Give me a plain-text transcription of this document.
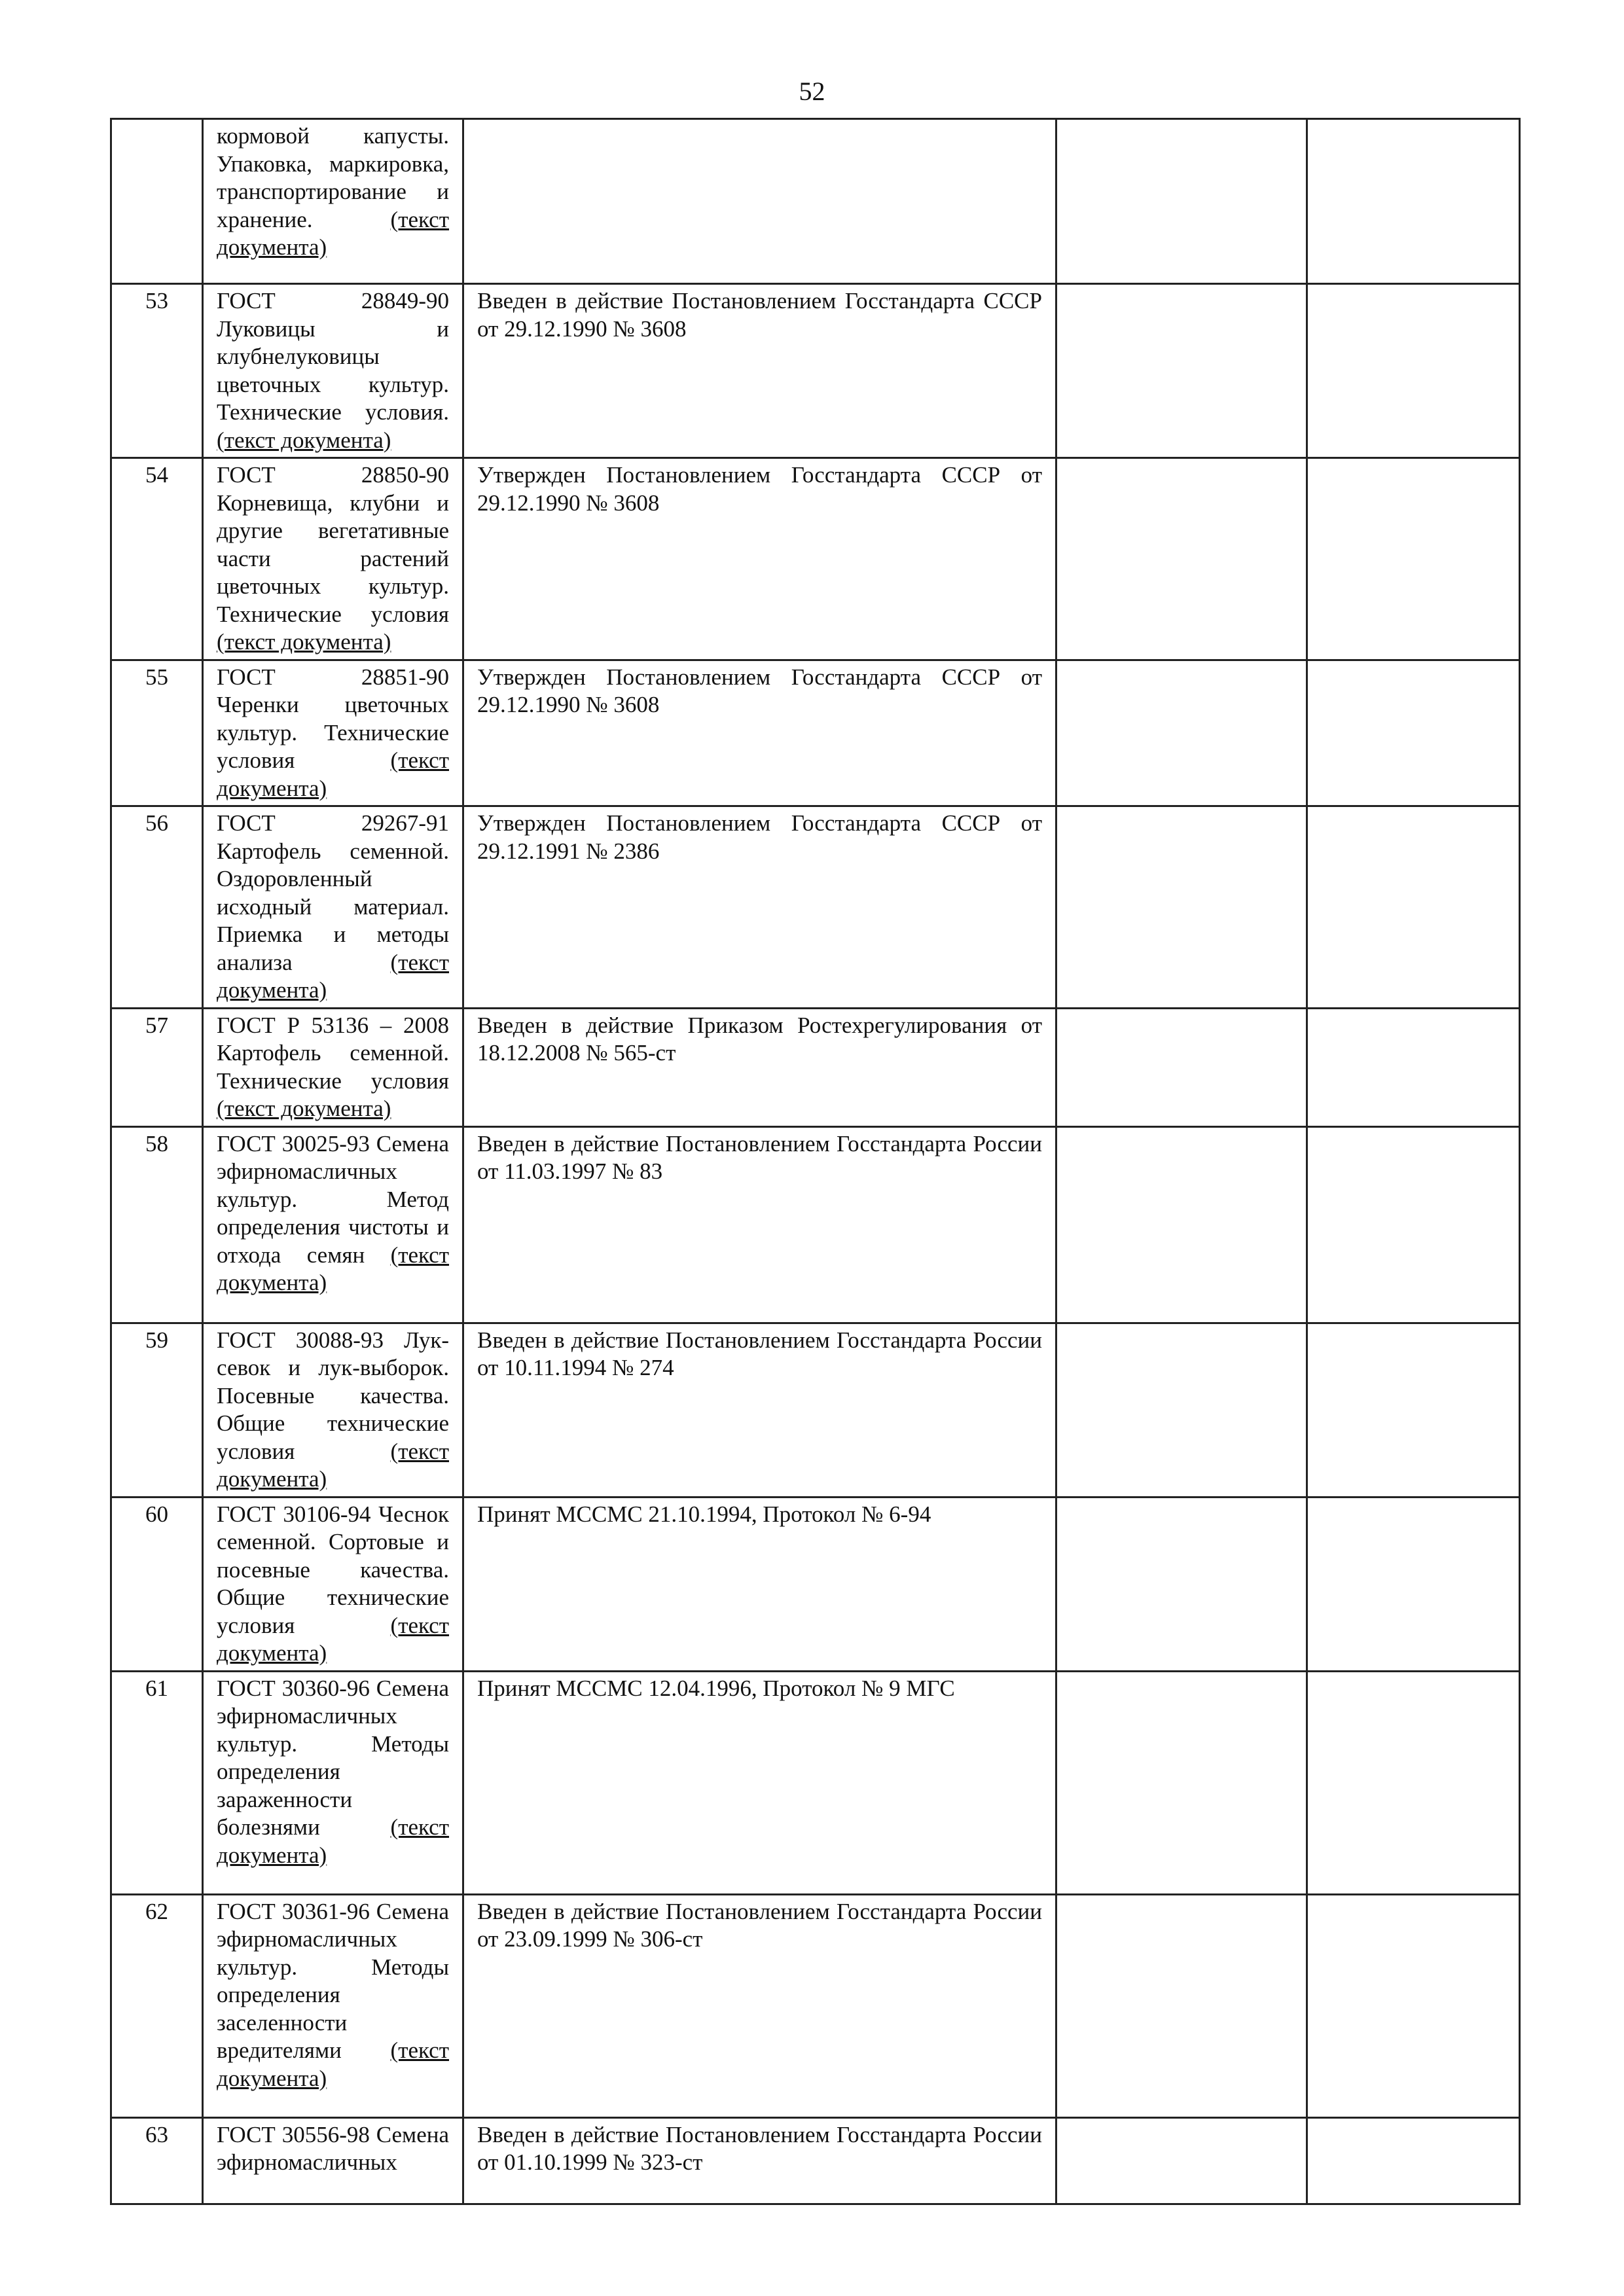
52

	кормовой капусты. Упаковка, маркировка, транспортирование и хранение. (текст документа)			

53	ГОСТ 28849-90 Луковицы и клубнелуковицы цветочных культур. Технические условия. (текст документа)	Введен в действие Постановлением Госстандарта СССР от 29.12.1990 № 3608		
54	ГОСТ 28850-90 Корневища, клубни и другие вегетативные части растений цветочных культур. Технические условия (текст документа)	Утвержден Постановлением Госстандарта СССР от 29.12.1990 № 3608		
55	ГОСТ 28851-90 Черенки цветочных культур. Технические условия (текст документа)	Утвержден Постановлением Госстандарта СССР от 29.12.1990 № 3608		
56	ГОСТ 29267-91 Картофель семенной. Оздоровленный исходный материал. Приемка и методы анализа (текст документа)	Утвержден Постановлением Госстандарта СССР от 29.12.1991 № 2386		
57	ГОСТ Р 53136 – 2008 Картофель семенной. Технические условия (текст документа)	Введен в действие Приказом Ростехрегулирования от 18.12.2008 № 565-ст		
58	ГОСТ 30025-93 Семена эфирномасличных культур. Метод определения чистоты и отхода семян (текст документа)	Введен в действие Постановлением Госстандарта России от 11.03.1997 № 83		
59	ГОСТ 30088-93 Лук-севок и лук-выборок. Посевные качества. Общие технические условия (текст документа)	Введен в действие Постановлением Госстандарта России от 10.11.1994 № 274		
60	ГОСТ 30106-94 Чеснок семенной. Сортовые и посевные качества. Общие технические условия (текст документа)	Принят МССМС 21.10.1994, Протокол № 6-94		
61	ГОСТ 30360-96 Семена эфирномасличных культур. Методы определения зараженности болезнями (текст документа)	Принят МССМС 12.04.1996, Протокол № 9 МГС		
62	ГОСТ 30361-96 Семена эфирномасличных культур. Методы определения заселенности вредителями (текст документа)	Введен в действие Постановлением Госстандарта России от 23.09.1999 № 306-ст		
63	ГОСТ 30556-98 Семена эфирномасличных	Введен в действие Постановлением Госстандарта России от 01.10.1999 № 323-ст		
